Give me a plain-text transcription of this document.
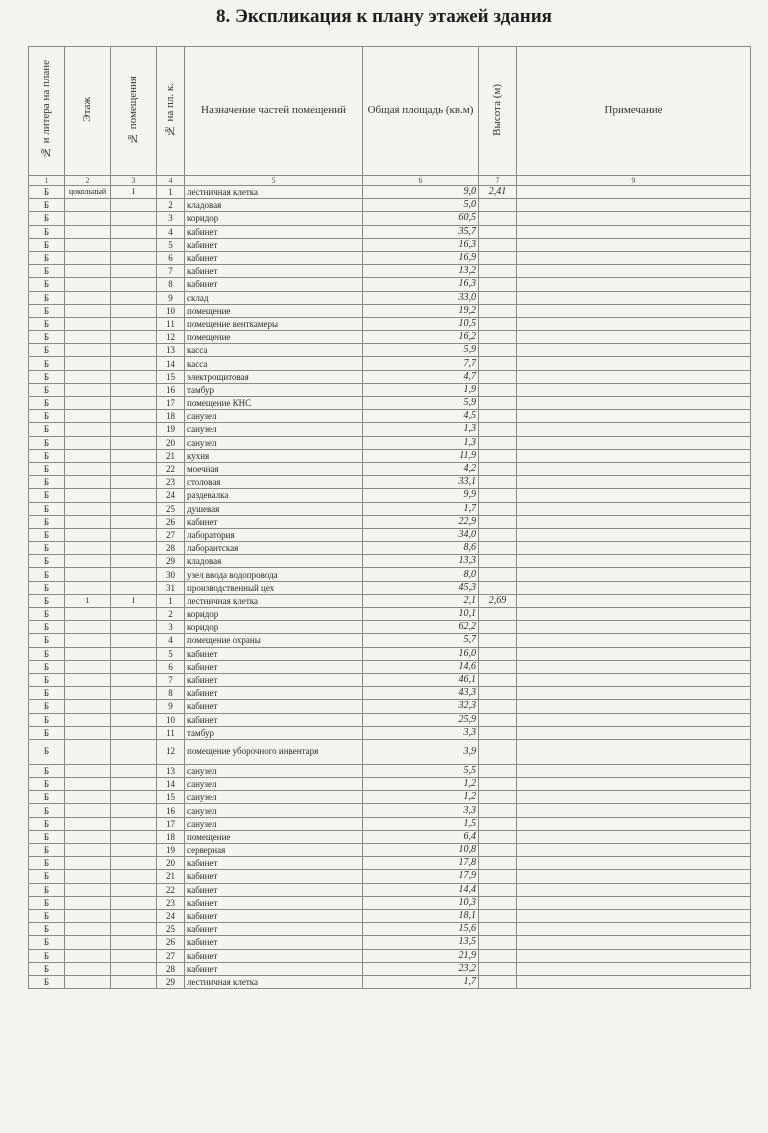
8. Экспликация к плану этажей здания
№ и литера на плане	Этаж	№ помещения	№ на пл. к.	Назначение частей помещений	Общая площадь (кв.м)	Высота (м)	Примечание

1	2	3	4	5	6	7	9
Б	цокольный	I	1	лестничная клетка	9,0	2,41	
Б			2	кладовая	5,0		
Б			3	коридор	60,5		
Б			4	кабинет	35,7		
Б			5	кабинет	16,3		
Б			6	кабинет	16,9		
Б			7	кабинет	13,2		
Б			8	кабинет	16,3		
Б			9	склад	33,0		
Б			10	помещение	19,2		
Б			11	помещение венткамеры	10,5		
Б			12	помещение	16,2		
Б			13	касса	5,9		
Б			14	касса	7,7		
Б			15	электрощитовая	4,7		
Б			16	тамбур	1,9		
Б			17	помещение КНС	5,9		
Б			18	санузел	4,5		
Б			19	санузел	1,3		
Б			20	санузел	1,3		
Б			21	кухня	11,9		
Б			22	моечная	4,2		
Б			23	столовая	33,1		
Б			24	раздевалка	9,9		
Б			25	душевая	1,7		
Б			26	кабинет	22,9		
Б			27	лаборатория	34,0		
Б			28	лаборантская	8,6		
Б			29	кладовая	13,3		
Б			30	узел ввода водопровода	8,0		
Б			31	производственный цех	45,3		
Б	1	I	1	лестничная клетка	2,1	2,69	
Б			2	коридор	10,1		
Б			3	коридор	62,2		
Б			4	помещение охраны	5,7		
Б			5	кабинет	16,0		
Б			6	кабинет	14,6		
Б			7	кабинет	46,1		
Б			8	кабинет	43,3		
Б			9	кабинет	32,3		
Б			10	кабинет	25,9		
Б			11	тамбур	3,3		
Б			12	помещение уборочного инвентаря	3,9		
Б			13	санузел	5,5		
Б			14	санузел	1,2		
Б			15	санузел	1,2		
Б			16	санузел	3,3		
Б			17	санузел	1,5		
Б			18	помещение	6,4		
Б			19	серверная	10,8		
Б			20	кабинет	17,8		
Б			21	кабинет	17,9		
Б			22	кабинет	14,4		
Б			23	кабинет	10,3		
Б			24	кабинет	18,1		
Б			25	кабинет	15,6		
Б			26	кабинет	13,5		
Б			27	кабинет	21,9		
Б			28	кабинет	23,2		
Б			29	лестничная клетка	1,7		
